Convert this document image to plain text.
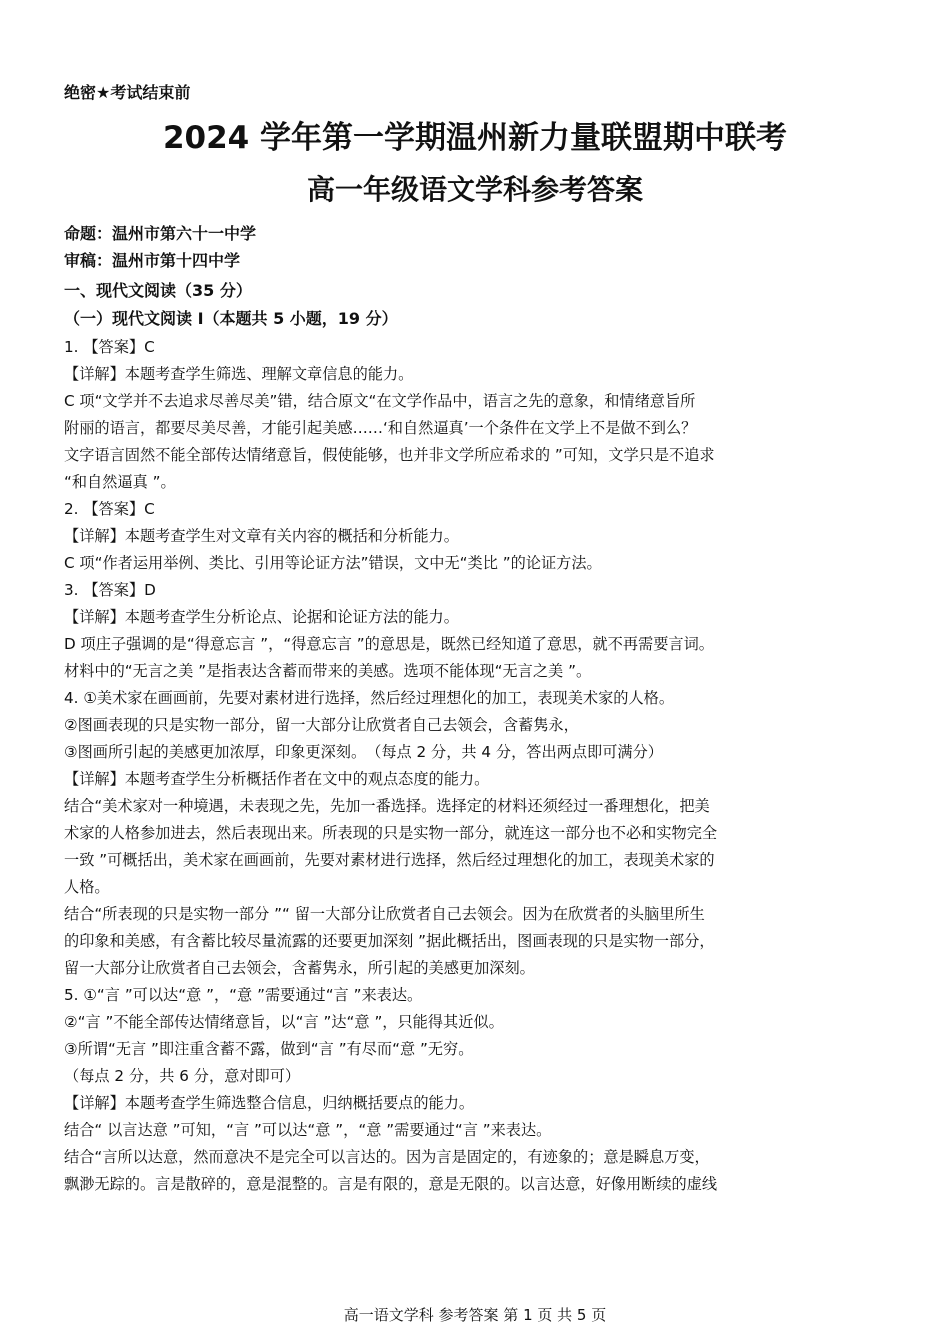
绝密★考试结束前
2024 学年第一学期温州新力量联盟期中联考
高一年级语文学科参考答案
命题：温州市第六十一中学
审稿：温州市第十四中学
一、现代文阅读（35 分）
（一）现代文阅读 I（本题共 5 小题，19 分）

1. 【答案】C

【详解】本题考查学生筛选、理解文章信息的能力。

C 项“文学并不去追求尽善尽美”错，结合原文“在文学作品中，语言之先的意象，和情绪意旨所

附丽的语言，都要尽美尽善，才能引起美感……‘和自然逼真’一个条件在文学上不是做不到么？

文字语言固然不能全部传达情绪意旨，假使能够，也并非文学所应希求的 ”可知，文学只是不追求

“和自然逼真 ”。

2. 【答案】C

【详解】本题考查学生对文章有关内容的概括和分析能力。

C 项“作者运用举例、类比、引用等论证方法”错误，文中无“类比 ”的论证方法。

3. 【答案】D

【详解】本题考查学生分析论点、论据和论证方法的能力。

D 项庄子强调的是“得意忘言 ”，“得意忘言 ”的意思是，既然已经知道了意思，就不再需要言词。

材料中的“无言之美 ”是指表达含蓄而带来的美感。选项不能体现“无言之美 ”。

4. ①美术家在画画前，先要对素材进行选择，然后经过理想化的加工，表现美术家的人格。

②图画表现的只是实物一部分，留一大部分让欣赏者自己去领会，含蓄隽永，

③图画所引起的美感更加浓厚，印象更深刻。　（每点 2 分，共 4 分，答出两点即可满分）

【详解】本题考查学生分析概括作者在文中的观点态度的能力。

结合“美术家对一种境遇，未表现之先，先加一番选择。选择定的材料还须经过一番理想化，把美

术家的人格参加进去，然后表现出来。所表现的只是实物一部分，就连这一部分也不必和实物完全

一致 ”可概括出，美术家在画画前，先要对素材进行选择，然后经过理想化的加工，表现美术家的

人格。

结合“所表现的只是实物一部分 ”“ 留一大部分让欣赏者自己去领会。因为在欣赏者的头脑里所生

的印象和美感，有含蓄比较尽量流露的还要更加深刻 ”据此概括出，图画表现的只是实物一部分，

留一大部分让欣赏者自己去领会，含蓄隽永，所引起的美感更加深刻。

5. ①“言 ”可以达“意 ”，“意 ”需要通过“言 ”来表达。

②“言 ”不能全部传达情绪意旨，以“言 ”达“意 ”，只能得其近似。

③所谓“无言 ”即注重含蓄不露，做到“言 ”有尽而“意 ”无穷。

（每点 2 分，共 6 分，意对即可）

【详解】本题考查学生筛选整合信息，归纳概括要点的能力。

结合“ 以言达意 ”可知，“言 ”可以达“意 ”，“意 ”需要通过“言 ”来表达。

结合“言所以达意，然而意决不是完全可以言达的。因为言是固定的，有迹象的；意是瞬息万变，

飘渺无踪的。言是散碎的，意是混整的。言是有限的，意是无限的。以言达意，好像用断续的虚线

高一语文学科 参考答案 第 1 页 共 5 页
